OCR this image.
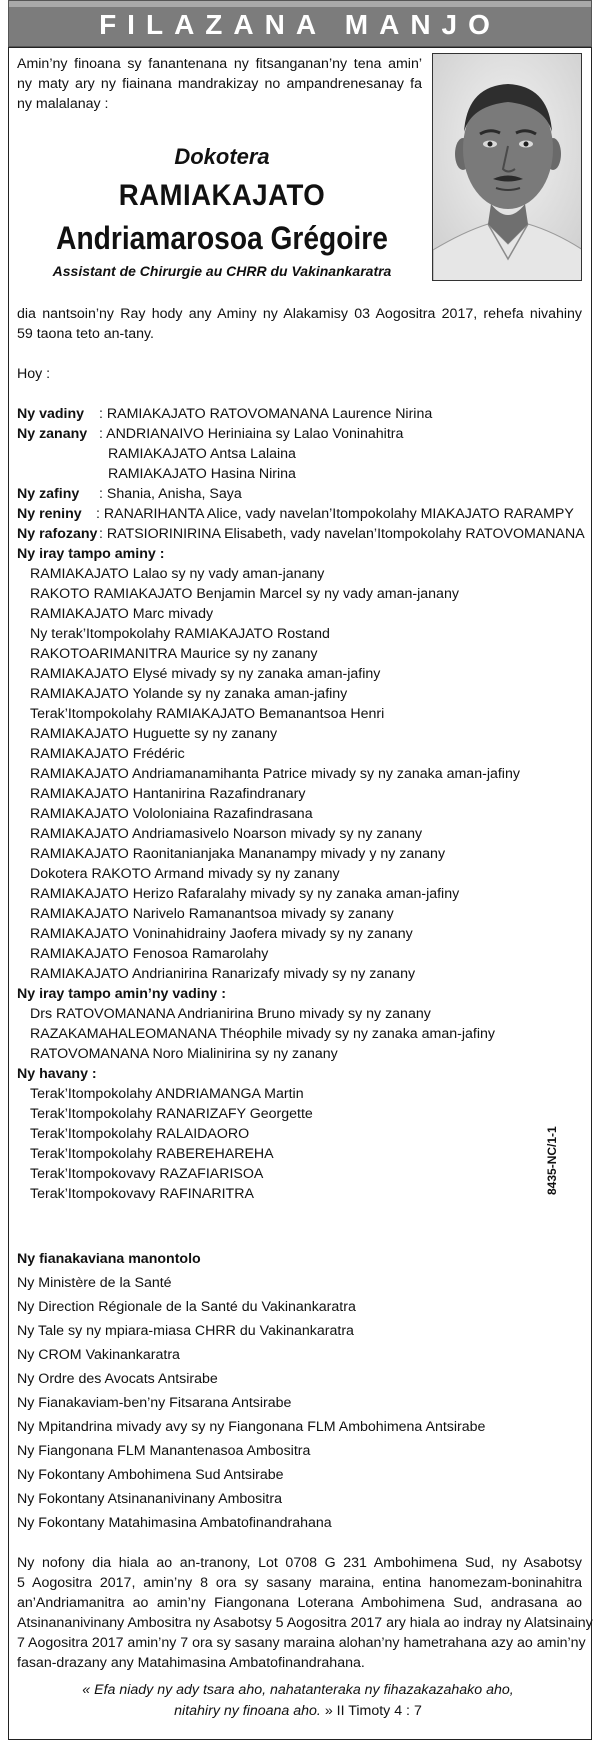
FILAZANA MANJO
Amin’ny finoana sy fanantenana ny fitsanganan’ny tena amin’
ny maty ary ny fiainana mandrakizay no ampandrenesanay fa
ny malalanay :
Dokotera
RAMIAKAJATO
Andriamarosoa Grégoire
Assistant de Chirurgie au CHRR du Vakinankaratra
dia nantsoin’ny Ray hody any Aminy ny Alakamisy 03 Aogositra 2017, rehefa nivahiny
59 taona teto an-tany.
Hoy :
Ny vadiny : RAMIAKAJATO RATOVOMANANA Laurence Nirina
Ny zanany : ANDRIANAIVO Heriniaina sy Lalao Voninahitra
RAMIAKAJATO Antsa Lalaina
RAMIAKAJATO Hasina Nirina
Ny zafiny : Shania, Anisha, Saya
Ny reniny : RANARIHANTA Alice, vady navelan’Itompokolahy MIAKAJATO RARAMPY
Ny rafozany : RATSIORINIRINA Elisabeth, vady navelan’Itompokolahy RATOVOMANANA
Ny iray tampo aminy :
RAMIAKAJATO Lalao sy ny vady aman-janany
RAKOTO RAMIAKAJATO Benjamin Marcel sy ny vady aman-janany
RAMIAKAJATO Marc mivady
Ny terak’Itompokolahy RAMIAKAJATO Rostand
RAKOTOARIMANITRA Maurice sy ny zanany
RAMIAKAJATO Elysé mivady sy ny zanaka aman-jafiny
RAMIAKAJATO Yolande sy ny zanaka aman-jafiny
Terak’Itompokolahy RAMIAKAJATO Bemanantsoa Henri
RAMIAKAJATO Huguette sy ny zanany
RAMIAKAJATO Frédéric
RAMIAKAJATO Andriamanamihanta Patrice mivady sy ny zanaka aman-jafiny
RAMIAKAJATO Hantanirina Razafindranary
RAMIAKAJATO Vololoniaina Razafindrasana
RAMIAKAJATO Andriamasivelo Noarson mivady sy ny zanany
RAMIAKAJATO Raonitanianjaka Mananampy mivady y ny zanany
Dokotera RAKOTO Armand mivady sy ny zanany
RAMIAKAJATO Herizo Rafaralahy mivady sy ny zanaka aman-jafiny
RAMIAKAJATO Narivelo Ramanantsoa mivady sy zanany
RAMIAKAJATO Voninahidrainy Jaofera mivady sy ny zanany
RAMIAKAJATO Fenosoa Ramarolahy
RAMIAKAJATO Andrianirina Ranarizafy mivady sy ny zanany
Ny iray tampo amin’ny vadiny :
Drs RATOVOMANANA Andrianirina Bruno mivady sy ny zanany
RAZAKAMAHALEOMANANA Théophile mivady sy ny zanaka aman-jafiny
RATOVOMANANA Noro Mialinirina sy ny zanany
Ny havany :
Terak’Itompokolahy ANDRIAMANGA Martin
Terak’Itompokolahy RANARIZAFY Georgette
Terak’Itompokolahy RALAIDAORO
Terak’Itompokolahy RABEREHAREHA
Terak’Itompokovavy RAZAFIARISOA
Terak’Itompokovavy RAFINARITRA	8435-NC/1-1
Ny fianakaviana manontolo
Ny Ministère de la Santé
Ny Direction Régionale de la Santé du Vakinankaratra
Ny Tale sy ny mpiara-miasa CHRR du Vakinankaratra
Ny CROM Vakinankaratra
Ny Ordre des Avocats Antsirabe
Ny Fianakaviam-ben’ny Fitsarana Antsirabe
Ny Mpitandrina mivady avy sy ny Fiangonana FLM Ambohimena Antsirabe
Ny Fiangonana FLM Manantenasoa Ambositra
Ny Fokontany Ambohimena Sud Antsirabe
Ny Fokontany Atsinananivinany Ambositra
Ny Fokontany Matahimasina Ambatofinandrahana
Ny nofony dia hiala ao an-tranony, Lot 0708 G 231 Ambohimena Sud, ny Asabotsy
5 Aogositra 2017, amin’ny 8 ora sy sasany maraina, entina hanomezam-boninahitra
an’Andriamanitra ao amin’ny Fiangonana Loterana Ambohimena Sud, andrasana ao
Atsinananivinany Ambositra ny Asabotsy 5 Aogositra 2017 ary hiala ao indray ny Alatsinainy
7 Aogositra 2017 amin’ny 7 ora sy sasany maraina alohan’ny hametrahana azy ao amin’ny
fasan-drazany any Matahimasina Ambatofinandrahana.
« Efa niady ny ady tsara aho, nahatanteraka ny fihazakazahako aho,
nitahiry ny finoana aho. » II Timoty 4 : 7
